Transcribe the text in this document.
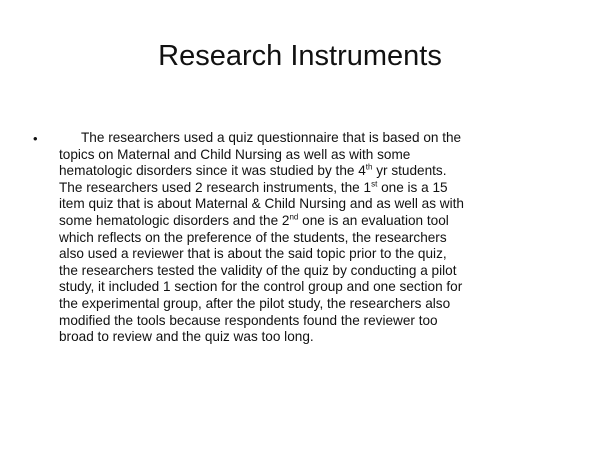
Research Instruments
•	The researchers used a quiz questionnaire that is based on the
topics on Maternal and Child Nursing as well as with some
hematologic disorders since it was studied by the 4th yr students.
The researchers used 2 research instruments, the 1st one is a 15
item quiz that is about Maternal & Child Nursing and as well as with
some hematologic disorders and the 2nd one is an evaluation tool
which reflects on the preference of the students, the researchers
also used a reviewer that is about the said topic prior to the quiz,
the researchers tested the validity of the quiz by conducting a pilot
study, it included 1 section for the control group and one section for
the experimental group, after the pilot study, the researchers also
modified the tools because respondents found the reviewer too
broad to review and the quiz was too long.
